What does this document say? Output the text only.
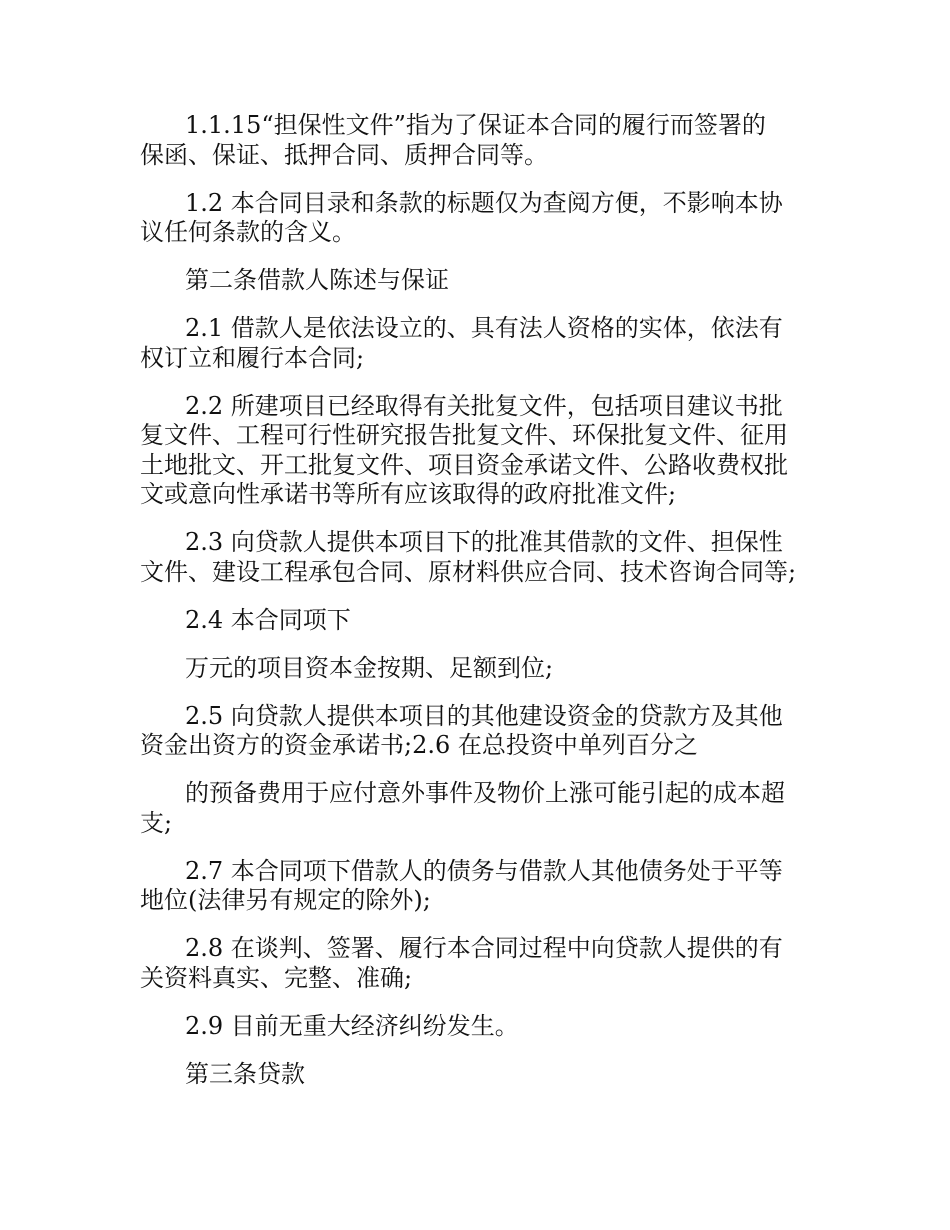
1.1.15“担保性文件”指为了保证本合同的履行而签署的
保函、保证、抵押合同、质押合同等。

1.2 本合同目录和条款的标题仅为查阅方便，不影响本协
议任何条款的含义。

第二条借款人陈述与保证

2.1 借款人是依法设立的、具有法人资格的实体，依法有
权订立和履行本合同;

2.2 所建项目已经取得有关批复文件，包括项目建议书批
复文件、工程可行性研究报告批复文件、环保批复文件、征用
土地批文、开工批复文件、项目资金承诺文件、公路收费权批
文或意向性承诺书等所有应该取得的政府批准文件;

2.3 向贷款人提供本项目下的批准其借款的文件、担保性
文件、建设工程承包合同、原材料供应合同、技术咨询合同等;

2.4 本合同项下

万元的项目资本金按期、足额到位;

2.5 向贷款人提供本项目的其他建设资金的贷款方及其他
资金出资方的资金承诺书;2.6 在总投资中单列百分之

的预备费用于应付意外事件及物价上涨可能引起的成本超
支;

2.7 本合同项下借款人的债务与借款人其他债务处于平等
地位(法律另有规定的除外);

2.8 在谈判、签署、履行本合同过程中向贷款人提供的有
关资料真实、完整、准确;

2.9 目前无重大经济纠纷发生。

第三条贷款
